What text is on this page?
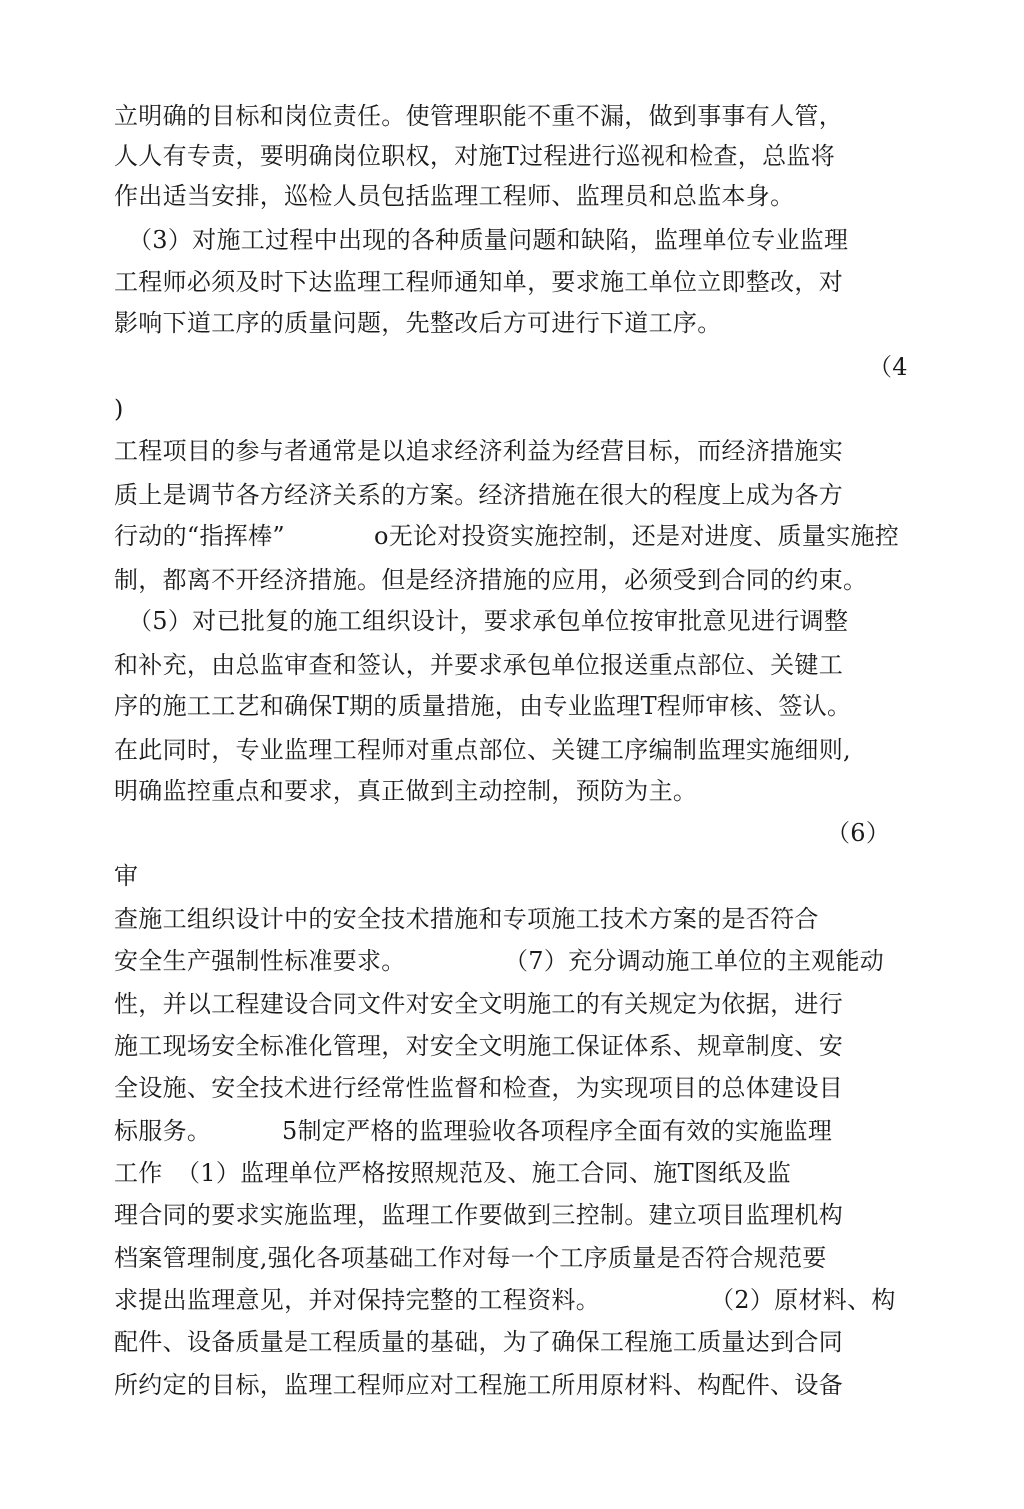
立明确的目标和岗位责任。使管理职能不重不漏，做到事事有人管，
人人有专责，要明确岗位职权，对施T过程进行巡视和检查，总监将
作出适当安排，巡检人员包括监理工程师、监理员和总监本身。
（3）对施工过程中出现的各种质量问题和缺陷，监理单位专业监理
工程师必须及时下达监理工程师通知单，要求施工单位立即整改，对
影响下道工序的质量问题，先整改后方可进行下道工序。
（4
)
工程项目的参与者通常是以追求经济利益为经营目标，而经济措施实
质上是调节各方经济关系的方案。经济措施在很大的程度上成为各方
行动的“指挥棒”	o无论对投资实施控制，还是对进度、质量实施控
制，都离不开经济措施。但是经济措施的应用，必须受到合同的约束。
（5）对已批复的施工组织设计，要求承包单位按审批意见进行调整
和补充，由总监审查和签认，并要求承包单位报送重点部位、关键工
序的施工工艺和确保T期的质量措施，由专业监理T程师审核、签认。
在此同时，专业监理工程师对重点部位、关键工序编制监理实施细则,
明确监控重点和要求，真正做到主动控制，预防为主。
（6）
审
查施工组织设计中的安全技术措施和专项施工技术方案的是否符合
安全生产强制性标准要求。	（7）充分调动施工单位的主观能动
性，并以工程建设合同文件对安全文明施工的有关规定为依据，进行
施工现场安全标准化管理，对安全文明施工保证体系、规章制度、安
全设施、安全技术进行经常性监督和检查，为实现项目的总体建设目
标服务。	5制定严格的监理验收各项程序全面有效的实施监理
工作 （1）监理单位严格按照规范及、施工合同、施T图纸及监
理合同的要求实施监理，监理工作要做到三控制。建立项目监理机构
档案管理制度,强化各项基础工作对每一个工序质量是否符合规范要
求提出监理意见，并对保持完整的工程资料。	（2）原材料、构
配件、设备质量是工程质量的基础，为了确保工程施工质量达到合同
所约定的目标，监理工程师应对工程施工所用原材料、构配件、设备
